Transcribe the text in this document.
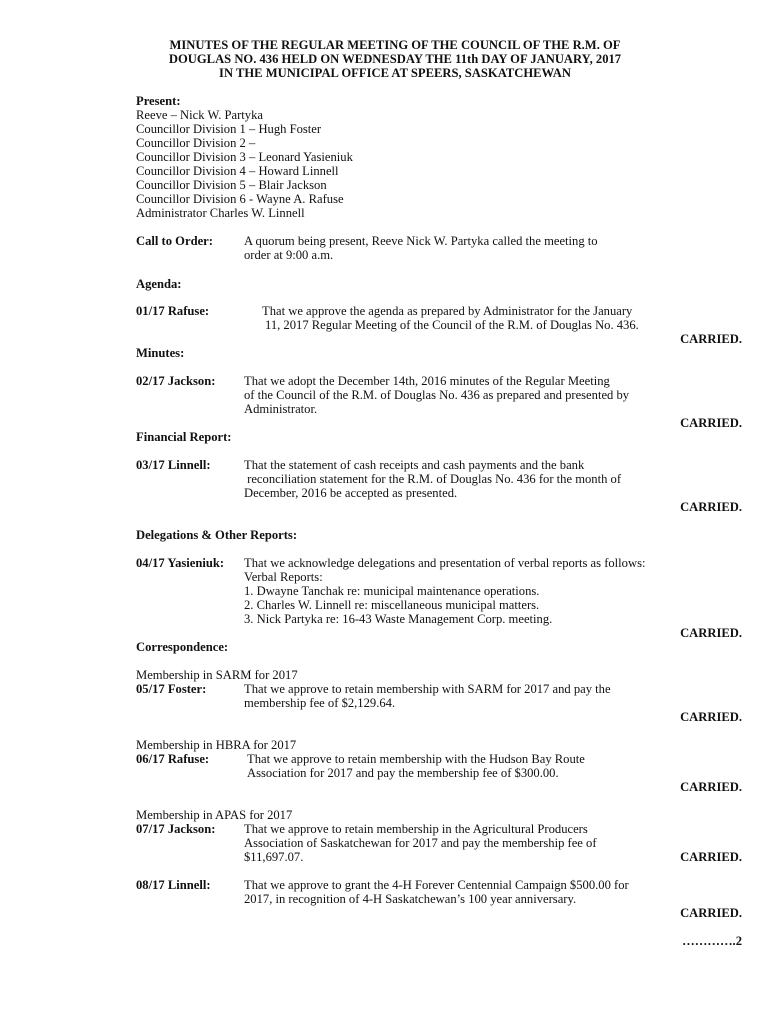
MINUTES OF THE REGULAR MEETING OF THE COUNCIL OF THE R.M. OF
DOUGLAS NO. 436 HELD ON WEDNESDAY THE 11th DAY OF JANUARY, 2017
IN THE MUNICIPAL OFFICE AT SPEERS, SASKATCHEWAN
Present:
Reeve – Nick W. Partyka
Councillor Division 1 – Hugh Foster
Councillor Division 2 –
Councillor Division 3 – Leonard Yasieniuk
Councillor Division 4 – Howard Linnell
Councillor Division 5 – Blair Jackson
Councillor Division 6 - Wayne A. Rafuse
Administrator Charles W. Linnell
Call to Order: A quorum being present, Reeve Nick W. Partyka called the meeting to
order at 9:00 a.m.
Agenda:
01/17 Rafuse:	That we approve the agenda as prepared by Administrator for the January
11, 2017 Regular Meeting of the Council of the R.M. of Douglas No. 436.
CARRIED.
Minutes:
02/17 Jackson: That we adopt the December 14th, 2016 minutes of the Regular Meeting
of the Council of the R.M. of Douglas No. 436 as prepared and presented by
Administrator.
CARRIED.
Financial Report:
03/17 Linnell:	That the statement of cash receipts and cash payments and the bank
reconciliation statement for the R.M. of Douglas No. 436 for the month of
December, 2016 be accepted as presented.
CARRIED.
Delegations & Other Reports:
04/17 Yasieniuk: That we acknowledge delegations and presentation of verbal reports as follows:
Verbal Reports:
1. Dwayne Tanchak re: municipal maintenance operations.
2. Charles W. Linnell re: miscellaneous municipal matters.
3. Nick Partyka re: 16-43 Waste Management Corp. meeting.
CARRIED.
Correspondence:
Membership in SARM for 2017
05/17 Foster:	That we approve to retain membership with SARM for 2017 and pay the
membership fee of $2,129.64.
CARRIED.
Membership in HBRA for 2017
06/17 Rafuse:	That we approve to retain membership with the Hudson Bay Route
Association for 2017 and pay the membership fee of $300.00.
CARRIED.
Membership in APAS for 2017
07/17 Jackson: That we approve to retain membership in the Agricultural Producers
Association of Saskatchewan for 2017 and pay the membership fee of
$11,697.07.	CARRIED.
08/17 Linnell:	That we approve to grant the 4-H Forever Centennial Campaign $500.00 for
2017, in recognition of 4-H Saskatchewan’s 100 year anniversary.
CARRIED.
………….2
